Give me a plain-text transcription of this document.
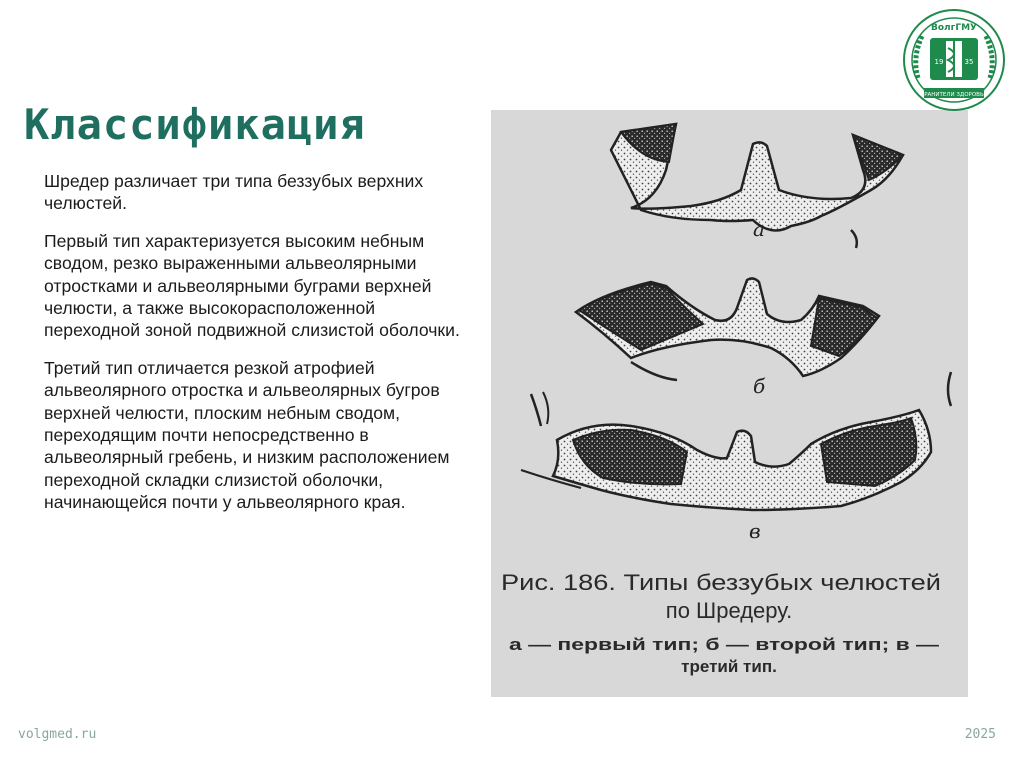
Классификация

Шредер различает три типа беззубых верхних челюстей.

Первый тип характеризуется высоким небным сводом, резко выраженными альвеолярными отростками и альвеолярными буграми верхней челюсти, а также высокорасположенной переходной зоной подвижной слизистой оболочки.

Третий тип отличается резкой атрофией альвеолярного отростка и альвеолярных бугров верхней челюсти, плоским небным сводом, переходящим почти непосредственно в альвеолярный гребень, и низким расположением переходной складки слизистой оболочки, начинающейся почти у альвеолярного края.

а
б
в
Рис. 186. Типы беззубых челюстей
по Шредеру.
а — первый тип; б — второй тип; в —
третий тип.
ВолгГМУ
19	35
ХРАНИТЕЛИ ЗДОРОВЬЯ
volgmed.ru	2025
